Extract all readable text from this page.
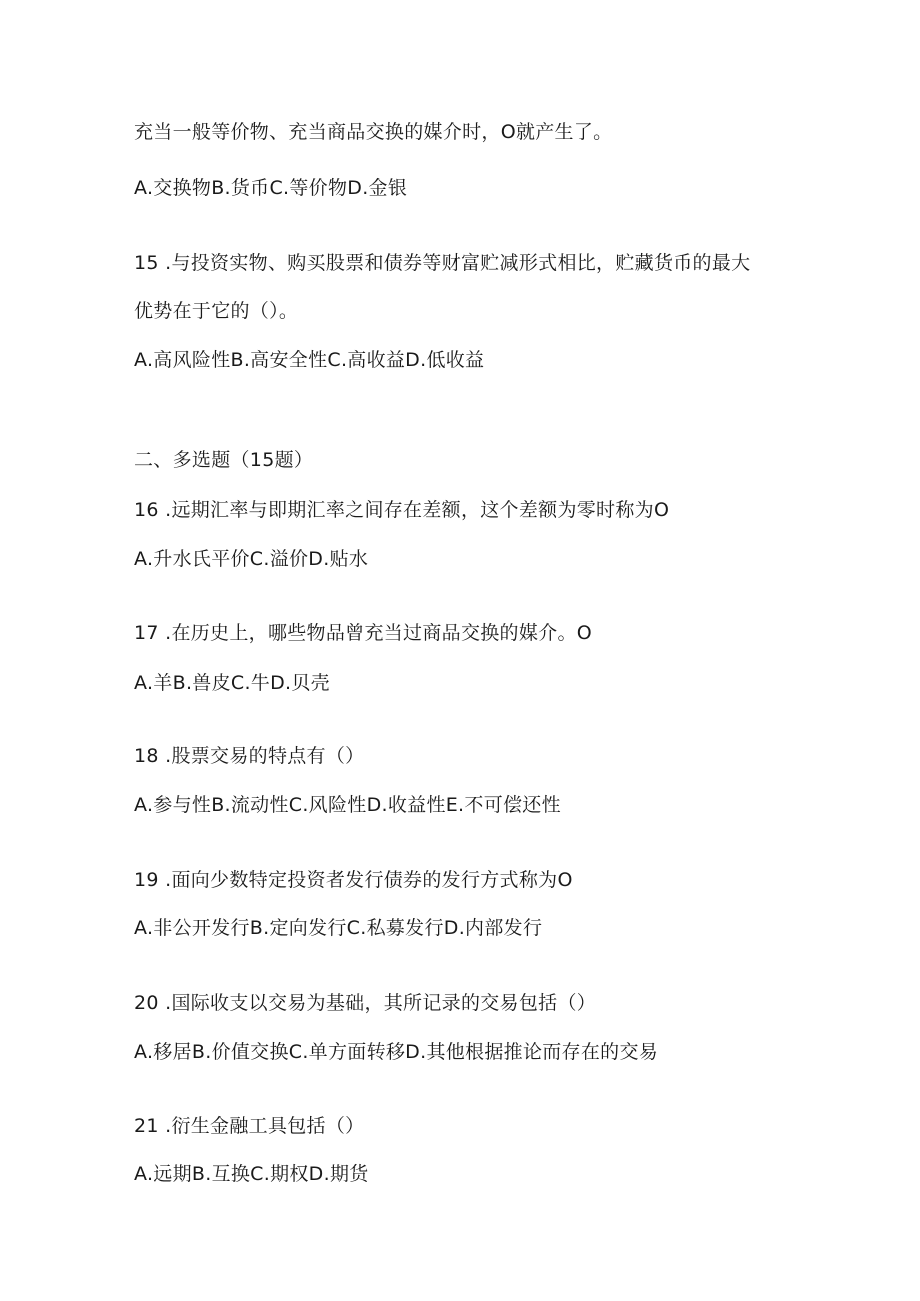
充当一般等价物、充当商品交换的媒介时，O就产生了。
A.交换物B.货币C.等价物D.金银
15 .与投资实物、购买股票和债券等财富贮减形式相比，贮藏货币的最大
优势在于它的（）。
A.高风险性B.高安全性C.高收益D.低收益
二、多选题（15题）
16 .远期汇率与即期汇率之间存在差额，这个差额为零时称为O
A.升水氏平价C.溢价D.贴水
17 .在历史上，哪些物品曾充当过商品交换的媒介。O
A.羊B.兽皮C.牛D.贝壳
18 .股票交易的特点有（）
A.参与性B.流动性C.风险性D.收益性E.不可偿还性
19 .面向少数特定投资者发行债券的发行方式称为O
A.非公开发行B.定向发行C.私募发行D.内部发行
20 .国际收支以交易为基础，其所记录的交易包括（）
A.移居B.价值交换C.单方面转移D.其他根据推论而存在的交易
21 .衍生金融工具包括（）
A.远期B.互换C.期权D.期货
